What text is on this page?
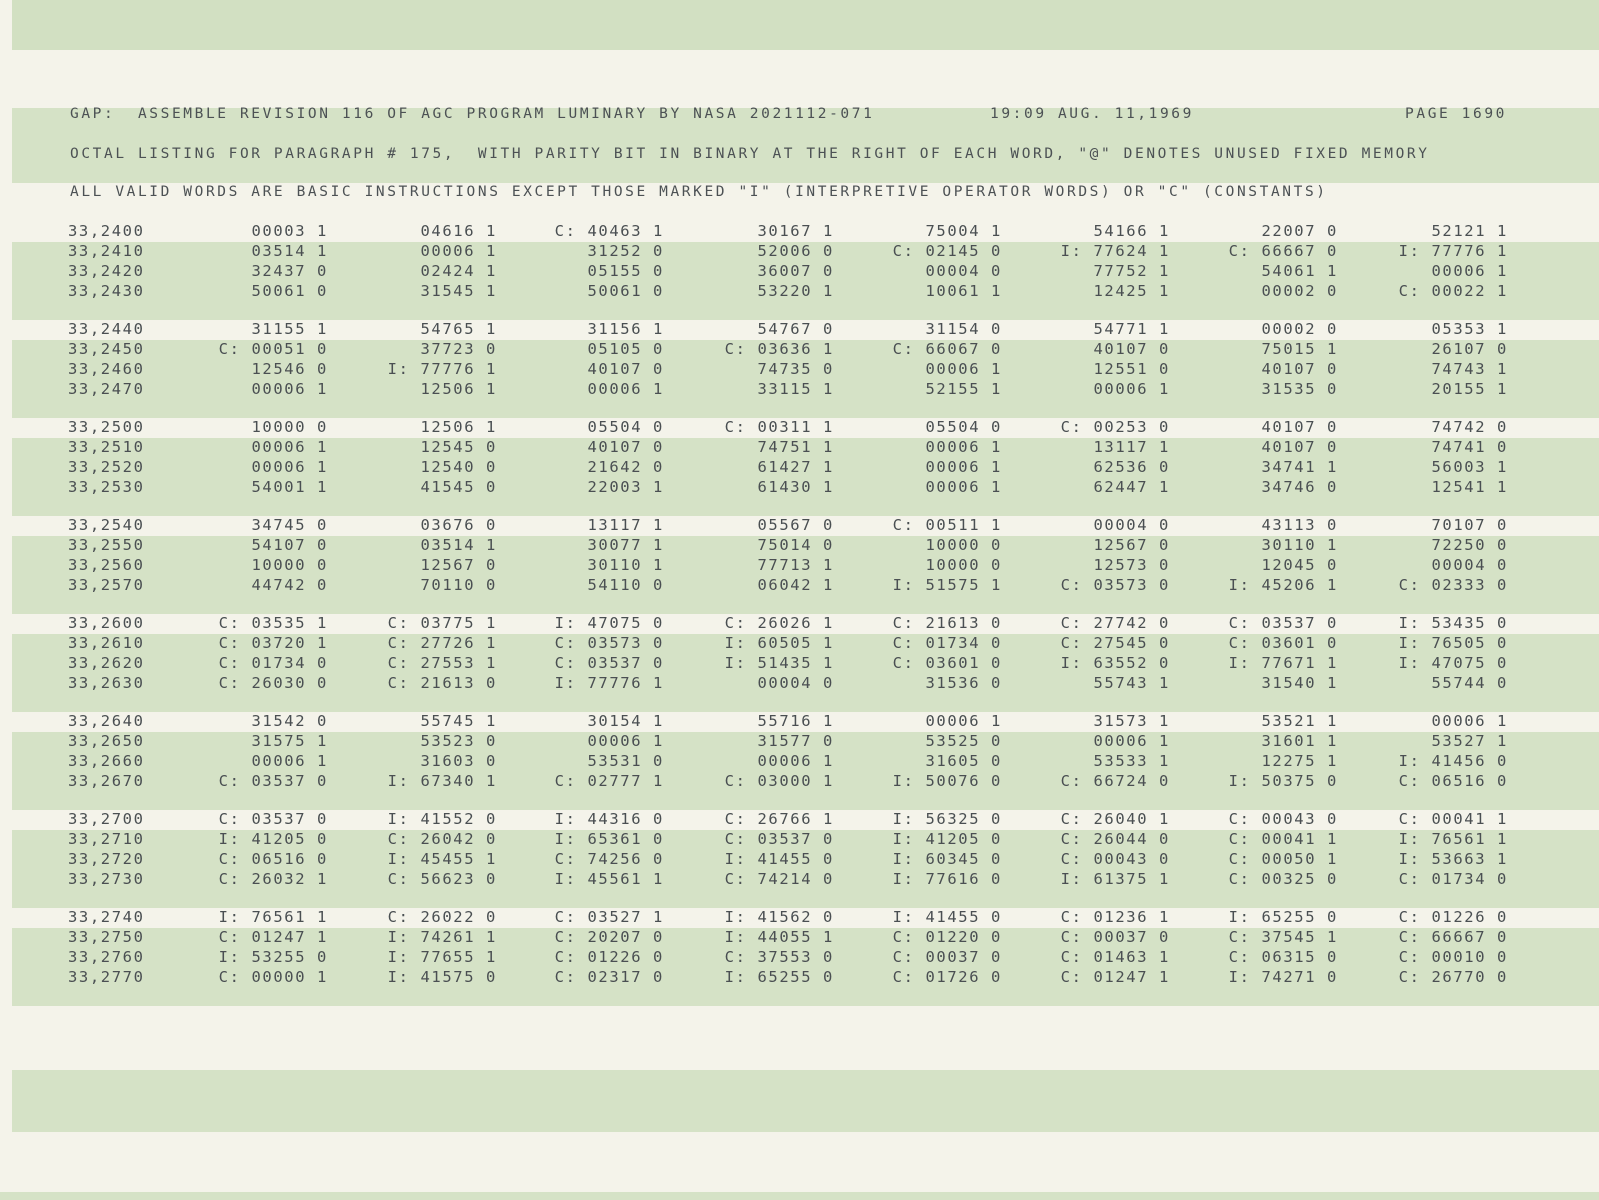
GAP:  ASSEMBLE REVISION 116 OF AGC PROGRAM LUMINARY BY NASA 2021112-071	19:09 AUG. 11,1969	PAGE 1690
OCTAL LISTING FOR PARAGRAPH # 175,  WITH PARITY BIT IN BINARY AT THE RIGHT OF EACH WORD, "@" DENOTES UNUSED FIXED MEMORY
ALL VALID WORDS ARE BASIC INSTRUCTIONS EXCEPT THOSE MARKED "I" (INTERPRETIVE OPERATOR WORDS) OR "C" (CONSTANTS)
33,2400	00003 1	04616 1	C: 40463 1	30167 1	75004 1	54166 1	22007 0	52121 1
33,2410	03514 1	00006 1	31252 0	52006 0	C: 02145 0	I: 77624 1	C: 66667 0	I: 77776 1
33,2420	32437 0	02424 1	05155 0	36007 0	00004 0	77752 1	54061 1	00006 1
33,2430	50061 0	31545 1	50061 0	53220 1	10061 1	12425 1	00002 0	C: 00022 1
33,2440	31155 1	54765 1	31156 1	54767 0	31154 0	54771 1	00002 0	05353 1
33,2450	C: 00051 0	37723 0	05105 0	C: 03636 1	C: 66067 0	40107 0	75015 1	26107 0
33,2460	12546 0	I: 77776 1	40107 0	74735 0	00006 1	12551 0	40107 0	74743 1
33,2470	00006 1	12506 1	00006 1	33115 1	52155 1	00006 1	31535 0	20155 1
33,2500	10000 0	12506 1	05504 0	C: 00311 1	05504 0	C: 00253 0	40107 0	74742 0
33,2510	00006 1	12545 0	40107 0	74751 1	00006 1	13117 1	40107 0	74741 0
33,2520	00006 1	12540 0	21642 0	61427 1	00006 1	62536 0	34741 1	56003 1
33,2530	54001 1	41545 0	22003 1	61430 1	00006 1	62447 1	34746 0	12541 1
33,2540	34745 0	03676 0	13117 1	05567 0	C: 00511 1	00004 0	43113 0	70107 0
33,2550	54107 0	03514 1	30077 1	75014 0	10000 0	12567 0	30110 1	72250 0
33,2560	10000 0	12567 0	30110 1	77713 1	10000 0	12573 0	12045 0	00004 0
33,2570	44742 0	70110 0	54110 0	06042 1	I: 51575 1	C: 03573 0	I: 45206 1	C: 02333 0
33,2600	C: 03535 1	C: 03775 1	I: 47075 0	C: 26026 1	C: 21613 0	C: 27742 0	C: 03537 0	I: 53435 0
33,2610	C: 03720 1	C: 27726 1	C: 03573 0	I: 60505 1	C: 01734 0	C: 27545 0	C: 03601 0	I: 76505 0
33,2620	C: 01734 0	C: 27553 1	C: 03537 0	I: 51435 1	C: 03601 0	I: 63552 0	I: 77671 1	I: 47075 0
33,2630	C: 26030 0	C: 21613 0	I: 77776 1	00004 0	31536 0	55743 1	31540 1	55744 0
33,2640	31542 0	55745 1	30154 1	55716 1	00006 1	31573 1	53521 1	00006 1
33,2650	31575 1	53523 0	00006 1	31577 0	53525 0	00006 1	31601 1	53527 1
33,2660	00006 1	31603 0	53531 0	00006 1	31605 0	53533 1	12275 1	I: 41456 0
33,2670	C: 03537 0	I: 67340 1	C: 02777 1	C: 03000 1	I: 50076 0	C: 66724 0	I: 50375 0	C: 06516 0
33,2700	C: 03537 0	I: 41552 0	I: 44316 0	C: 26766 1	I: 56325 0	C: 26040 1	C: 00043 0	C: 00041 1
33,2710	I: 41205 0	C: 26042 0	I: 65361 0	C: 03537 0	I: 41205 0	C: 26044 0	C: 00041 1	I: 76561 1
33,2720	C: 06516 0	I: 45455 1	C: 74256 0	I: 41455 0	I: 60345 0	C: 00043 0	C: 00050 1	I: 53663 1
33,2730	C: 26032 1	C: 56623 0	I: 45561 1	C: 74214 0	I: 77616 0	I: 61375 1	C: 00325 0	C: 01734 0
33,2740	I: 76561 1	C: 26022 0	C: 03527 1	I: 41562 0	I: 41455 0	C: 01236 1	I: 65255 0	C: 01226 0
33,2750	C: 01247 1	I: 74261 1	C: 20207 0	I: 44055 1	C: 01220 0	C: 00037 0	C: 37545 1	C: 66667 0
33,2760	I: 53255 0	I: 77655 1	C: 01226 0	C: 37553 0	C: 00037 0	C: 01463 1	C: 06315 0	C: 00010 0
33,2770	C: 00000 1	I: 41575 0	C: 02317 0	I: 65255 0	C: 01726 0	C: 01247 1	I: 74271 0	C: 26770 0
